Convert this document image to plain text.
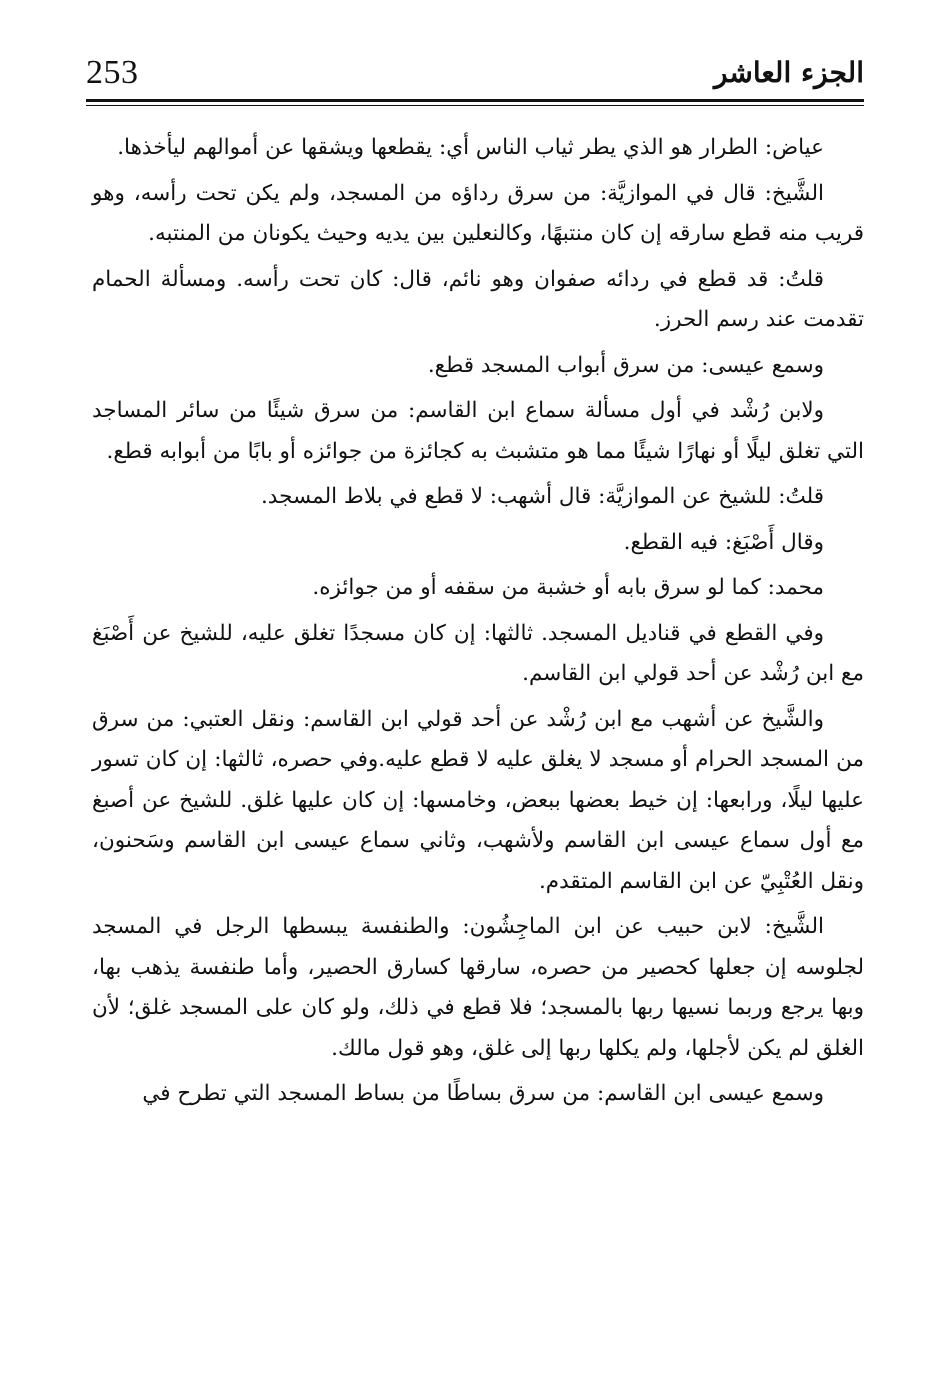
253	الجزء العاشر

عياض: الطرار هو الذي يطر ثياب الناس أي: يقطعها ويشقها عن أموالهم ليأخذها.

الشَّيخ: قال في الموازيَّة: من سرق رداؤه من المسجد، ولم يكن تحت رأسه، وهو قريب منه قطع سارقه إن كان منتبهًا، وكالنعلين بين يديه وحيث يكونان من المنتبه.

قلتُ: قد قطع في ردائه صفوان وهو نائم، قال: كان تحت رأسه. ومسألة الحمام تقدمت عند رسم الحرز.

وسمع عيسى: من سرق أبواب المسجد قطع.

ولابن رُشْد في أول مسألة سماع ابن القاسم: من سرق شيئًا من سائر المساجد التي تغلق ليلًا أو نهارًا شيئًا مما هو متشبث به كجائزة من جوائزه أو بابًا من أبوابه قطع.

قلتُ: للشيخ عن الموازيَّة: قال أشهب: لا قطع في بلاط المسجد.

وقال أَصْبَغ: فيه القطع.

محمد: كما لو سرق بابه أو خشبة من سقفه أو من جوائزه.

وفي القطع في قناديل المسجد. ثالثها: إن كان مسجدًا تغلق عليه، للشيخ عن أَصْبَغ مع ابن رُشْد عن أحد قولي ابن القاسم.

والشَّيخ عن أشهب مع ابن رُشْد عن أحد قولي ابن القاسم: ونقل العتبي: من سرق من المسجد الحرام أو مسجد لا يغلق عليه لا قطع عليه.وفي حصره، ثالثها: إن كان تسور عليها ليلًا، ورابعها: إن خيط بعضها ببعض، وخامسها: إن كان عليها غلق. للشيخ عن أصبغ مع أول سماع عيسى ابن القاسم ولأشهب، وثاني سماع عيسى ابن القاسم وسَحنون، ونقل العُتْبِيّ عن ابن القاسم المتقدم.

الشَّيخ: لابن حبيب عن ابن الماجِشُون: والطنفسة يبسطها الرجل في المسجد لجلوسه إن جعلها كحصير من حصره، سارقها كسارق الحصير، وأما طنفسة يذهب بها، وبها يرجع وربما نسيها ربها بالمسجد؛ فلا قطع في ذلك، ولو كان على المسجد غلق؛ لأن الغلق لم يكن لأجلها، ولم يكلها ربها إلى غلق، وهو قول مالك.

وسمع عيسى ابن القاسم: من سرق بساطًا من بساط المسجد التي تطرح في
